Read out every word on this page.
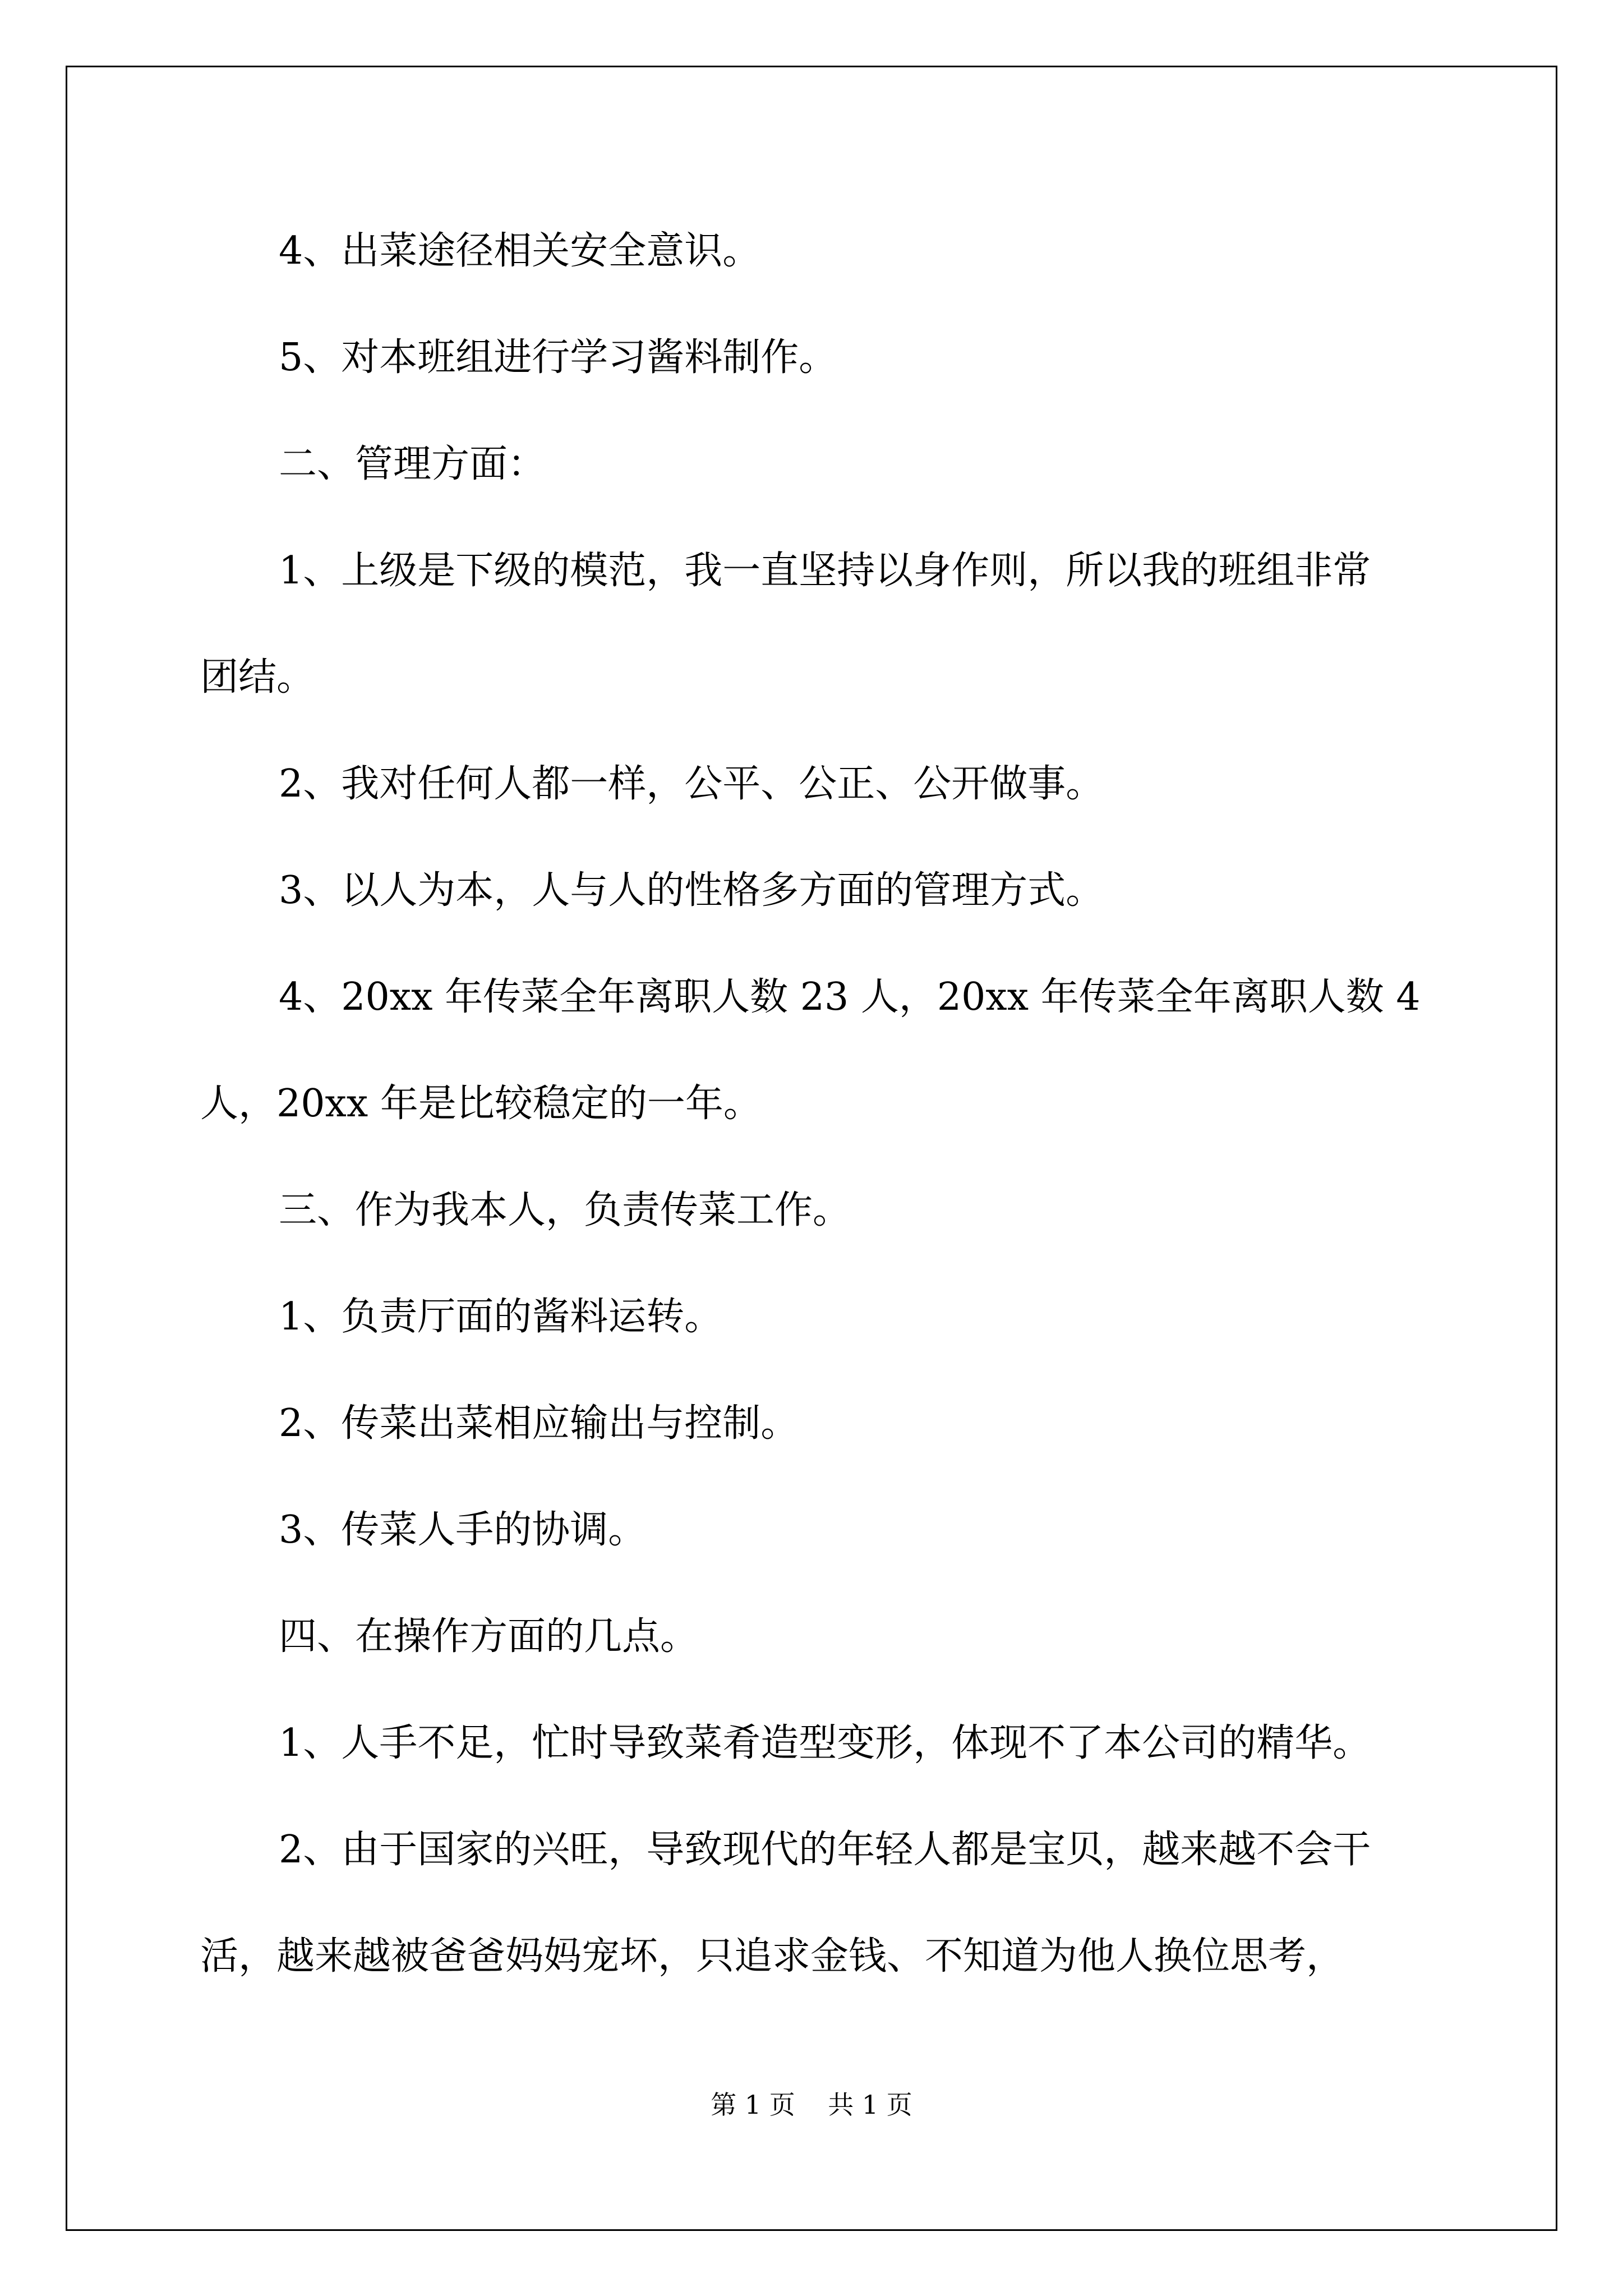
4、出菜途径相关安全意识。
5、对本班组进行学习酱料制作。
二、管理方面：
1、上级是下级的模范，我一直坚持以身作则，所以我的班组非常
团结。
2、我对任何人都一样，公平、公正、公开做事。
3、以人为本，人与人的性格多方面的管理方式。
4、20xx 年传菜全年离职人数 23 人，20xx 年传菜全年离职人数 4
人，20xx 年是比较稳定的一年。
三、作为我本人，负责传菜工作。
1、负责厅面的酱料运转。
2、传菜出菜相应输出与控制。
3、传菜人手的协调。
四、在操作方面的几点。
1、人手不足，忙时导致菜肴造型变形，体现不了本公司的精华。
2、由于国家的兴旺，导致现代的年轻人都是宝贝，越来越不会干
活，越来越被爸爸妈妈宠坏，只追求金钱、不知道为他人换位思考，
第 1 页    共 1 页
